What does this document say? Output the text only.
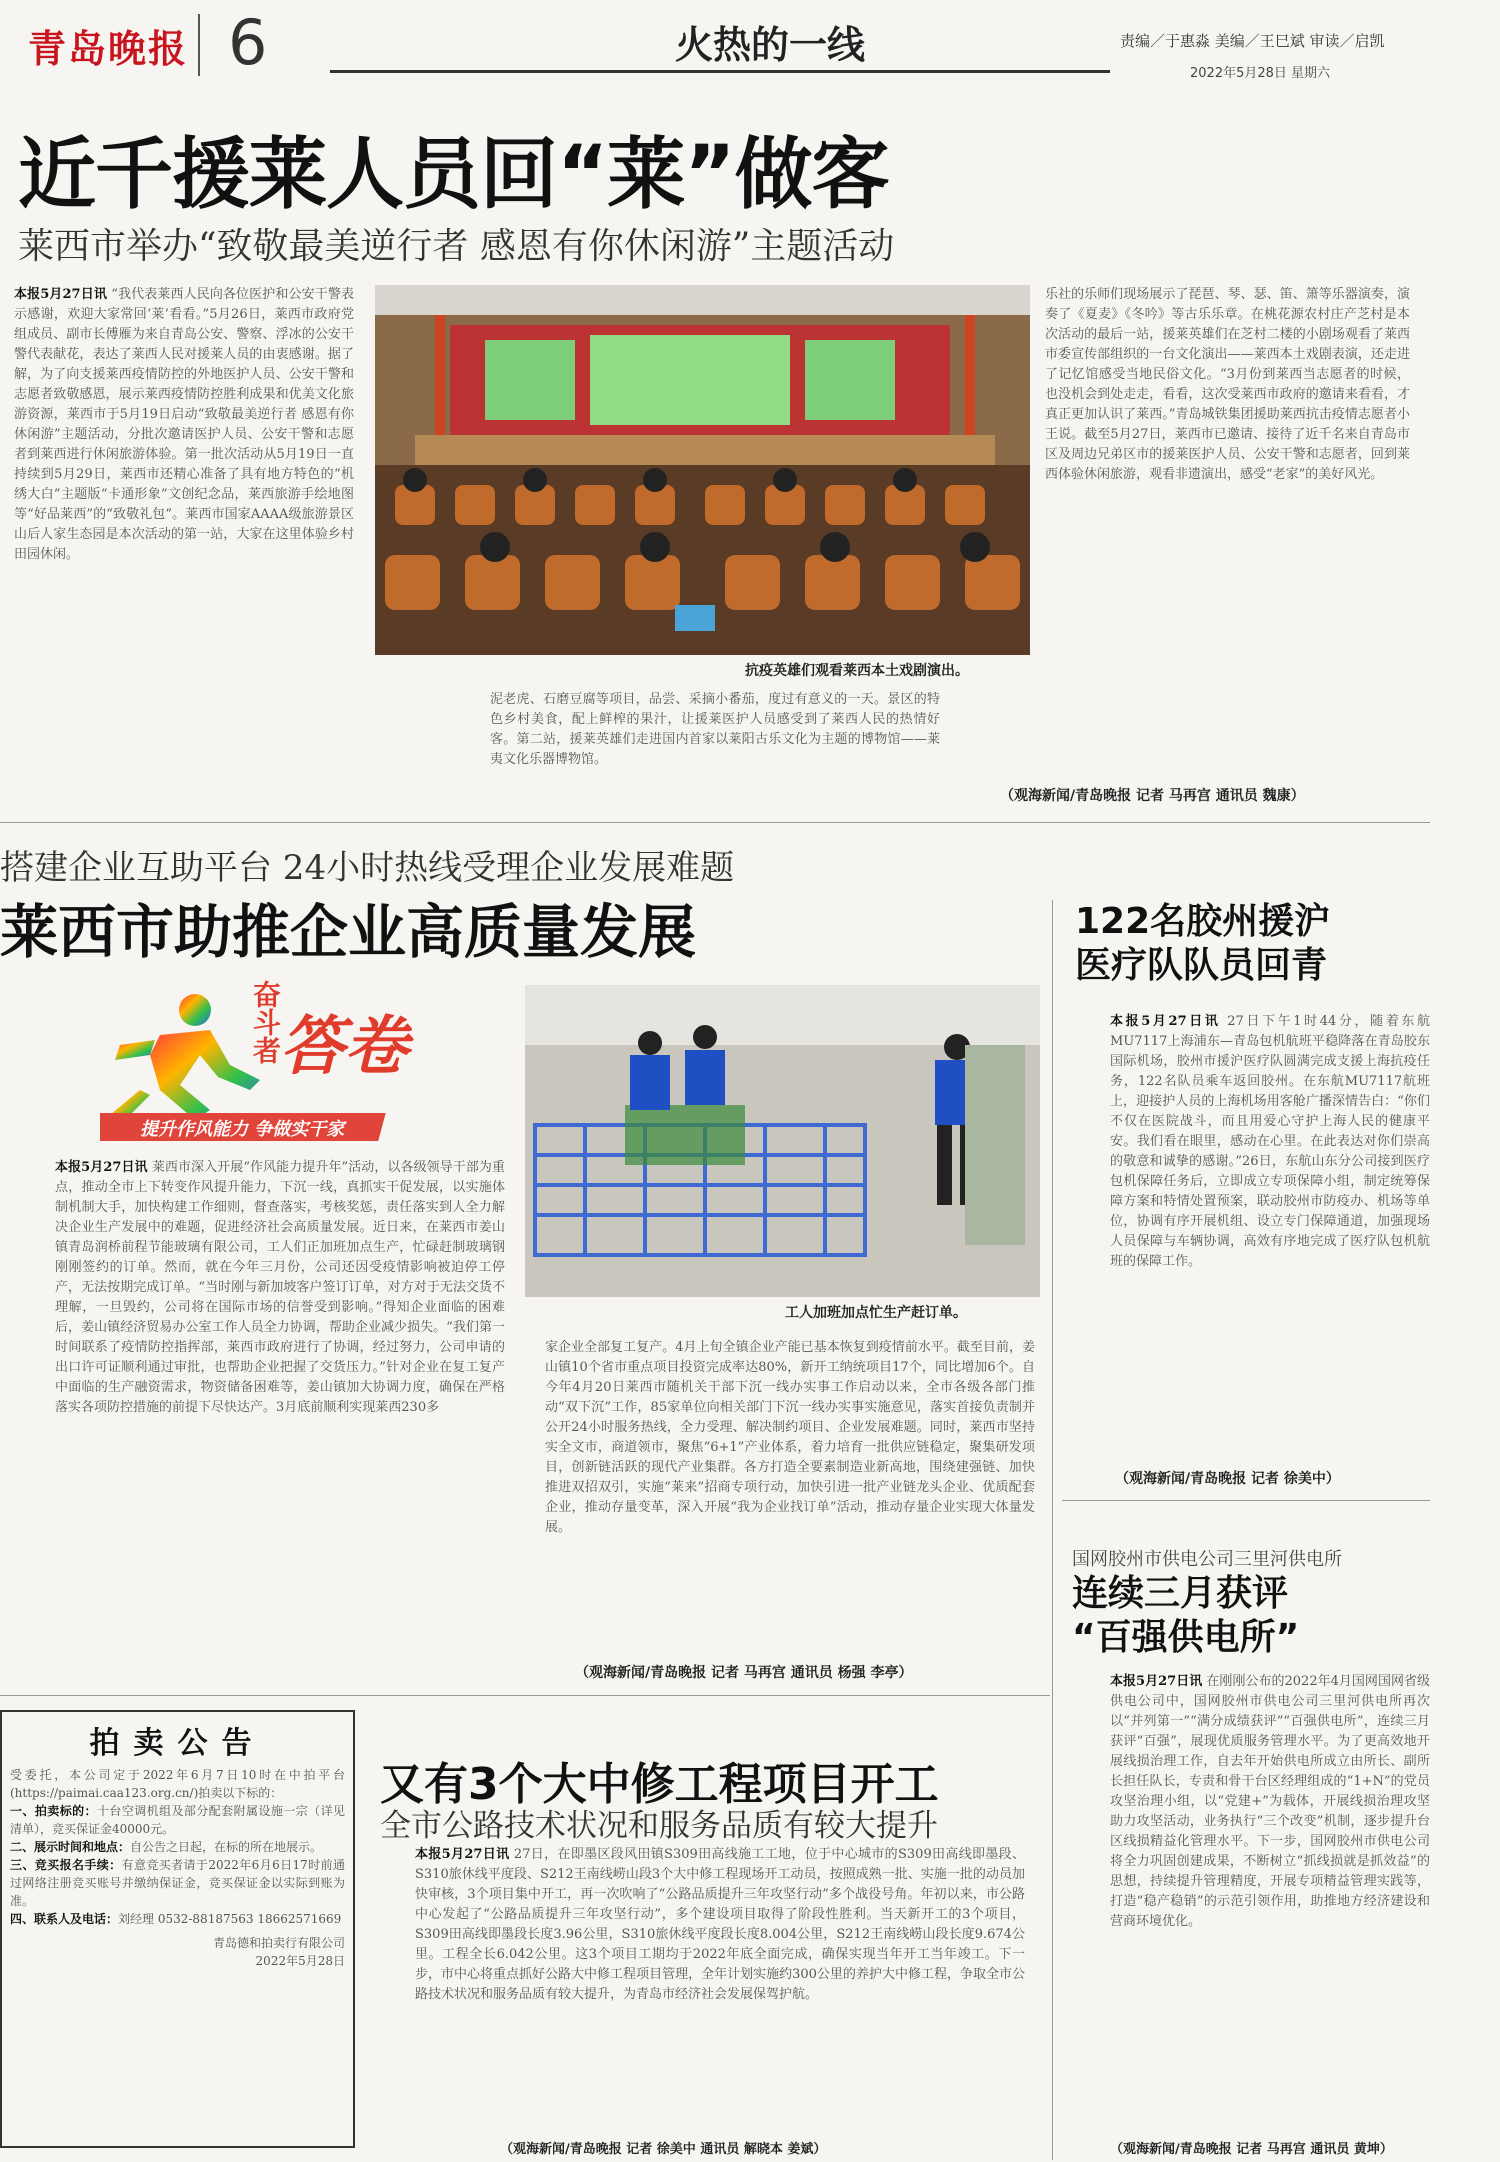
青岛晚报 6	火热的一线	责编／于惠淼 美编／王巳斌 审读／启凯
2022年5月28日 星期六
近千援莱人员回“莱”做客
莱西市举办“致敬最美逆行者 感恩有你休闲游”主题活动
本报5月27日讯 “我代表莱西人民向各位医护和公安干警表示感谢，欢迎大家常回‘莱’看看。”5月26日，莱西市政府党组成员、副市长傅雁为来自青岛公安、警察、浮冰的公安干警代表献花，表达了莱西人民对援莱人员的由衷感谢。据了解，为了向支援莱西疫情防控的外地医护人员、公安干警和志愿者致敬感恩，展示莱西疫情防控胜利成果和优美文化旅游资源，莱西市于5月19日启动“致敬最美逆行者 感恩有你休闲游”主题活动，分批次邀请医护人员、公安干警和志愿者到莱西进行休闲旅游体验。第一批次活动从5月19日一直持续到5月29日，莱西市还精心准备了具有地方特色的“机绣大白”主题版“卡通形象”文创纪念品，莱西旅游手绘地图等“好品莱西”的“致敬礼包”。莱西市国家AAAA级旅游景区山后人家生态园是本次活动的第一站，大家在这里体验乡村田园休闲。
抗疫英雄们观看莱西本土戏剧演出。
泥老虎、石磨豆腐等项目，品尝、采摘小番茄，度过有意义的一天。景区的特色乡村美食，配上鲜榨的果汁，让援莱医护人员感受到了莱西人民的热情好客。第二站，援莱英雄们走进国内首家以莱阳古乐文化为主题的博物馆——莱夷文化乐器博物馆。
乐社的乐师们现场展示了琵琶、琴、瑟、笛、箫等乐器演奏，演奏了《夏麦》《冬吟》等古乐乐章。在桃花源农村庄产芝村是本次活动的最后一站，援莱英雄们在芝村二楼的小剧场观看了莱西市委宣传部组织的一台文化演出——莱西本土戏剧表演，还走进了记忆馆感受当地民俗文化。“3月份到莱西当志愿者的时候，也没机会到处走走，看看，这次受莱西市政府的邀请来看看，才真正更加认识了莱西。”青岛城铁集团援助莱西抗击疫情志愿者小王说。截至5月27日，莱西市已邀请、接待了近千名来自青岛市区及周边兄弟区市的援莱医护人员、公安干警和志愿者，回到莱西体验休闲旅游，观看非遗演出，感受“老家”的美好风光。
（观海新闻/青岛晚报 记者 马再宫 通讯员 魏康）
搭建企业互助平台 24小时热线受理企业发展难题
莱西市助推企业高质量发展
奋斗者
答卷
提升作风能力 争做实干家
工人加班加点忙生产赶订单。
本报5月27日讯 莱西市深入开展“作风能力提升年”活动，以各级领导干部为重点，推动全市上下转变作风提升能力，下沉一线，真抓实干促发展，以实施体制机制大手，加快构建工作细则，督查落实，考核奖惩，责任落实到人全力解决企业生产发展中的难题，促进经济社会高质量发展。近日来，在莱西市姜山镇青岛润桥前程节能玻璃有限公司，工人们正加班加点生产，忙碌赶制玻璃钢刚刚签约的订单。然而，就在今年三月份，公司还因受疫情影响被迫停工停产，无法按期完成订单。“当时刚与新加坡客户签订订单，对方对于无法交货不理解，一旦毁约，公司将在国际市场的信誉受到影响。”得知企业面临的困难后，姜山镇经济贸易办公室工作人员全力协调，帮助企业减少损失。“我们第一时间联系了疫情防控指挥部，莱西市政府进行了协调，经过努力，公司申请的出口许可证顺利通过审批，也帮助企业把握了交货压力。”针对企业在复工复产中面临的生产融资需求，物资储备困难等，姜山镇加大协调力度，确保在严格落实各项防控措施的前提下尽快达产。3月底前顺利实现莱西230多
家企业全部复工复产。4月上旬全镇企业产能已基本恢复到疫情前水平。截至目前，姜山镇10个省市重点项目投资完成率达80%，新开工纳统项目17个，同比增加6个。自今年4月20日莱西市随机关干部下沉一线办实事工作启动以来，全市各级各部门推动“双下沉”工作，85家单位向相关部门下沉一线办实事实施意见，落实首接负责制并公开24小时服务热线，全力受理、解决制约项目、企业发展难题。同时，莱西市坚持实全文市，商道领市，聚焦“6+1”产业体系，着力培育一批供应链稳定，聚集研发项目，创新链活跃的现代产业集群。各方打造全要素制造业新高地，围绕建强链、加快推进双招双引，实施“莱来”招商专项行动，加快引进一批产业链龙头企业、优质配套企业，推动存量变革，深入开展“我为企业找订单”活动，推动存量企业实现大体量发展。
（观海新闻/青岛晚报 记者 马再宫 通讯员 杨强 李亭）
122名胶州援沪
医疗队队员回青
本报5月27日讯 27日下午1时44分，随着东航MU7117上海浦东—青岛包机航班平稳降落在青岛胶东国际机场，胶州市援沪医疗队圆满完成支援上海抗疫任务，122名队员乘车返回胶州。在东航MU7117航班上，迎接护人员的上海机场用客舱广播深情告白：“你们不仅在医院战斗，而且用爱心守护上海人民的健康平安。我们看在眼里，感动在心里。在此表达对你们崇高的敬意和诚挚的感谢。”26日，东航山东分公司接到医疗包机保障任务后，立即成立专项保障小组，制定统筹保障方案和特情处置预案，联动胶州市防疫办、机场等单位，协调有序开展机组、设立专门保障通道，加强现场人员保障与车辆协调，高效有序地完成了医疗队包机航班的保障工作。
（观海新闻/青岛晚报 记者 徐美中）
国网胶州市供电公司三里河供电所
连续三月获评
“百强供电所”
本报5月27日讯 在刚刚公布的2022年4月国网国网省级供电公司中，国网胶州市供电公司三里河供电所再次以“并列第一”“满分成绩获评”“百强供电所”，连续三月获评“百强”，展现优质服务管理水平。为了更高效地开展线损治理工作，自去年开始供电所成立由所长、副所长担任队长，专责和骨干台区经理组成的“1+N”的党员攻坚治理小组，以“党建+”为载体，开展线损治理攻坚助力攻坚活动，业务执行“三个改变”机制，逐步提升台区线损精益化管理水平。下一步，国网胶州市供电公司将全力巩固创建成果，不断树立“抓线损就是抓效益”的思想，持续提升管理精度，开展专项精益管理实践等，打造“稳产稳销”的示范引领作用，助推地方经济建设和营商环境优化。
（观海新闻/青岛晚报 记者 马再宫 通讯员 黄坤）
拍卖公告
受委托，本公司定于2022年6月7日10时在中拍平台(https://paimai.caa123.org.cn/)拍卖以下标的：
一、拍卖标的：十台空调机组及部分配套附属设施一宗（详见清单），竞买保证金40000元。
二、展示时间和地点：自公告之日起，在标的所在地展示。
三、竞买报名手续：有意竞买者请于2022年6月6日17时前通过网络注册竞买账号并缴纳保证金，竞买保证金以实际到账为准。
四、联系人及电话：刘经理 0532-88187563 18662571669
青岛德和拍卖行有限公司
2022年5月28日
又有3个大中修工程项目开工
全市公路技术状况和服务品质有较大提升
本报5月27日讯 27日，在即墨区段风田镇S309田高线施工工地，位于中心城市的S309田高线即墨段、S310旅休线平度段、S212王南线崂山段3个大中修工程现场开工动员，按照成熟一批、实施一批的动员加快审核，3个项目集中开工，再一次吹响了“公路品质提升三年攻坚行动”多个战役号角。年初以来，市公路中心发起了“公路品质提升三年攻坚行动”，多个建设项目取得了阶段性胜利。当天新开工的3个项目，S309田高线即墨段长度3.96公里，S310旅休线平度段长度8.004公里，S212王南线崂山段长度9.674公里。工程全长6.042公里。这3个项目工期均于2022年底全面完成，确保实现当年开工当年竣工。下一步，市中心将重点抓好公路大中修工程项目管理，全年计划实施约300公里的养护大中修工程，争取全市公路技术状况和服务品质有较大提升，为青岛市经济社会发展保驾护航。
（观海新闻/青岛晚报 记者 徐美中 通讯员 解晓本 姜斌）
